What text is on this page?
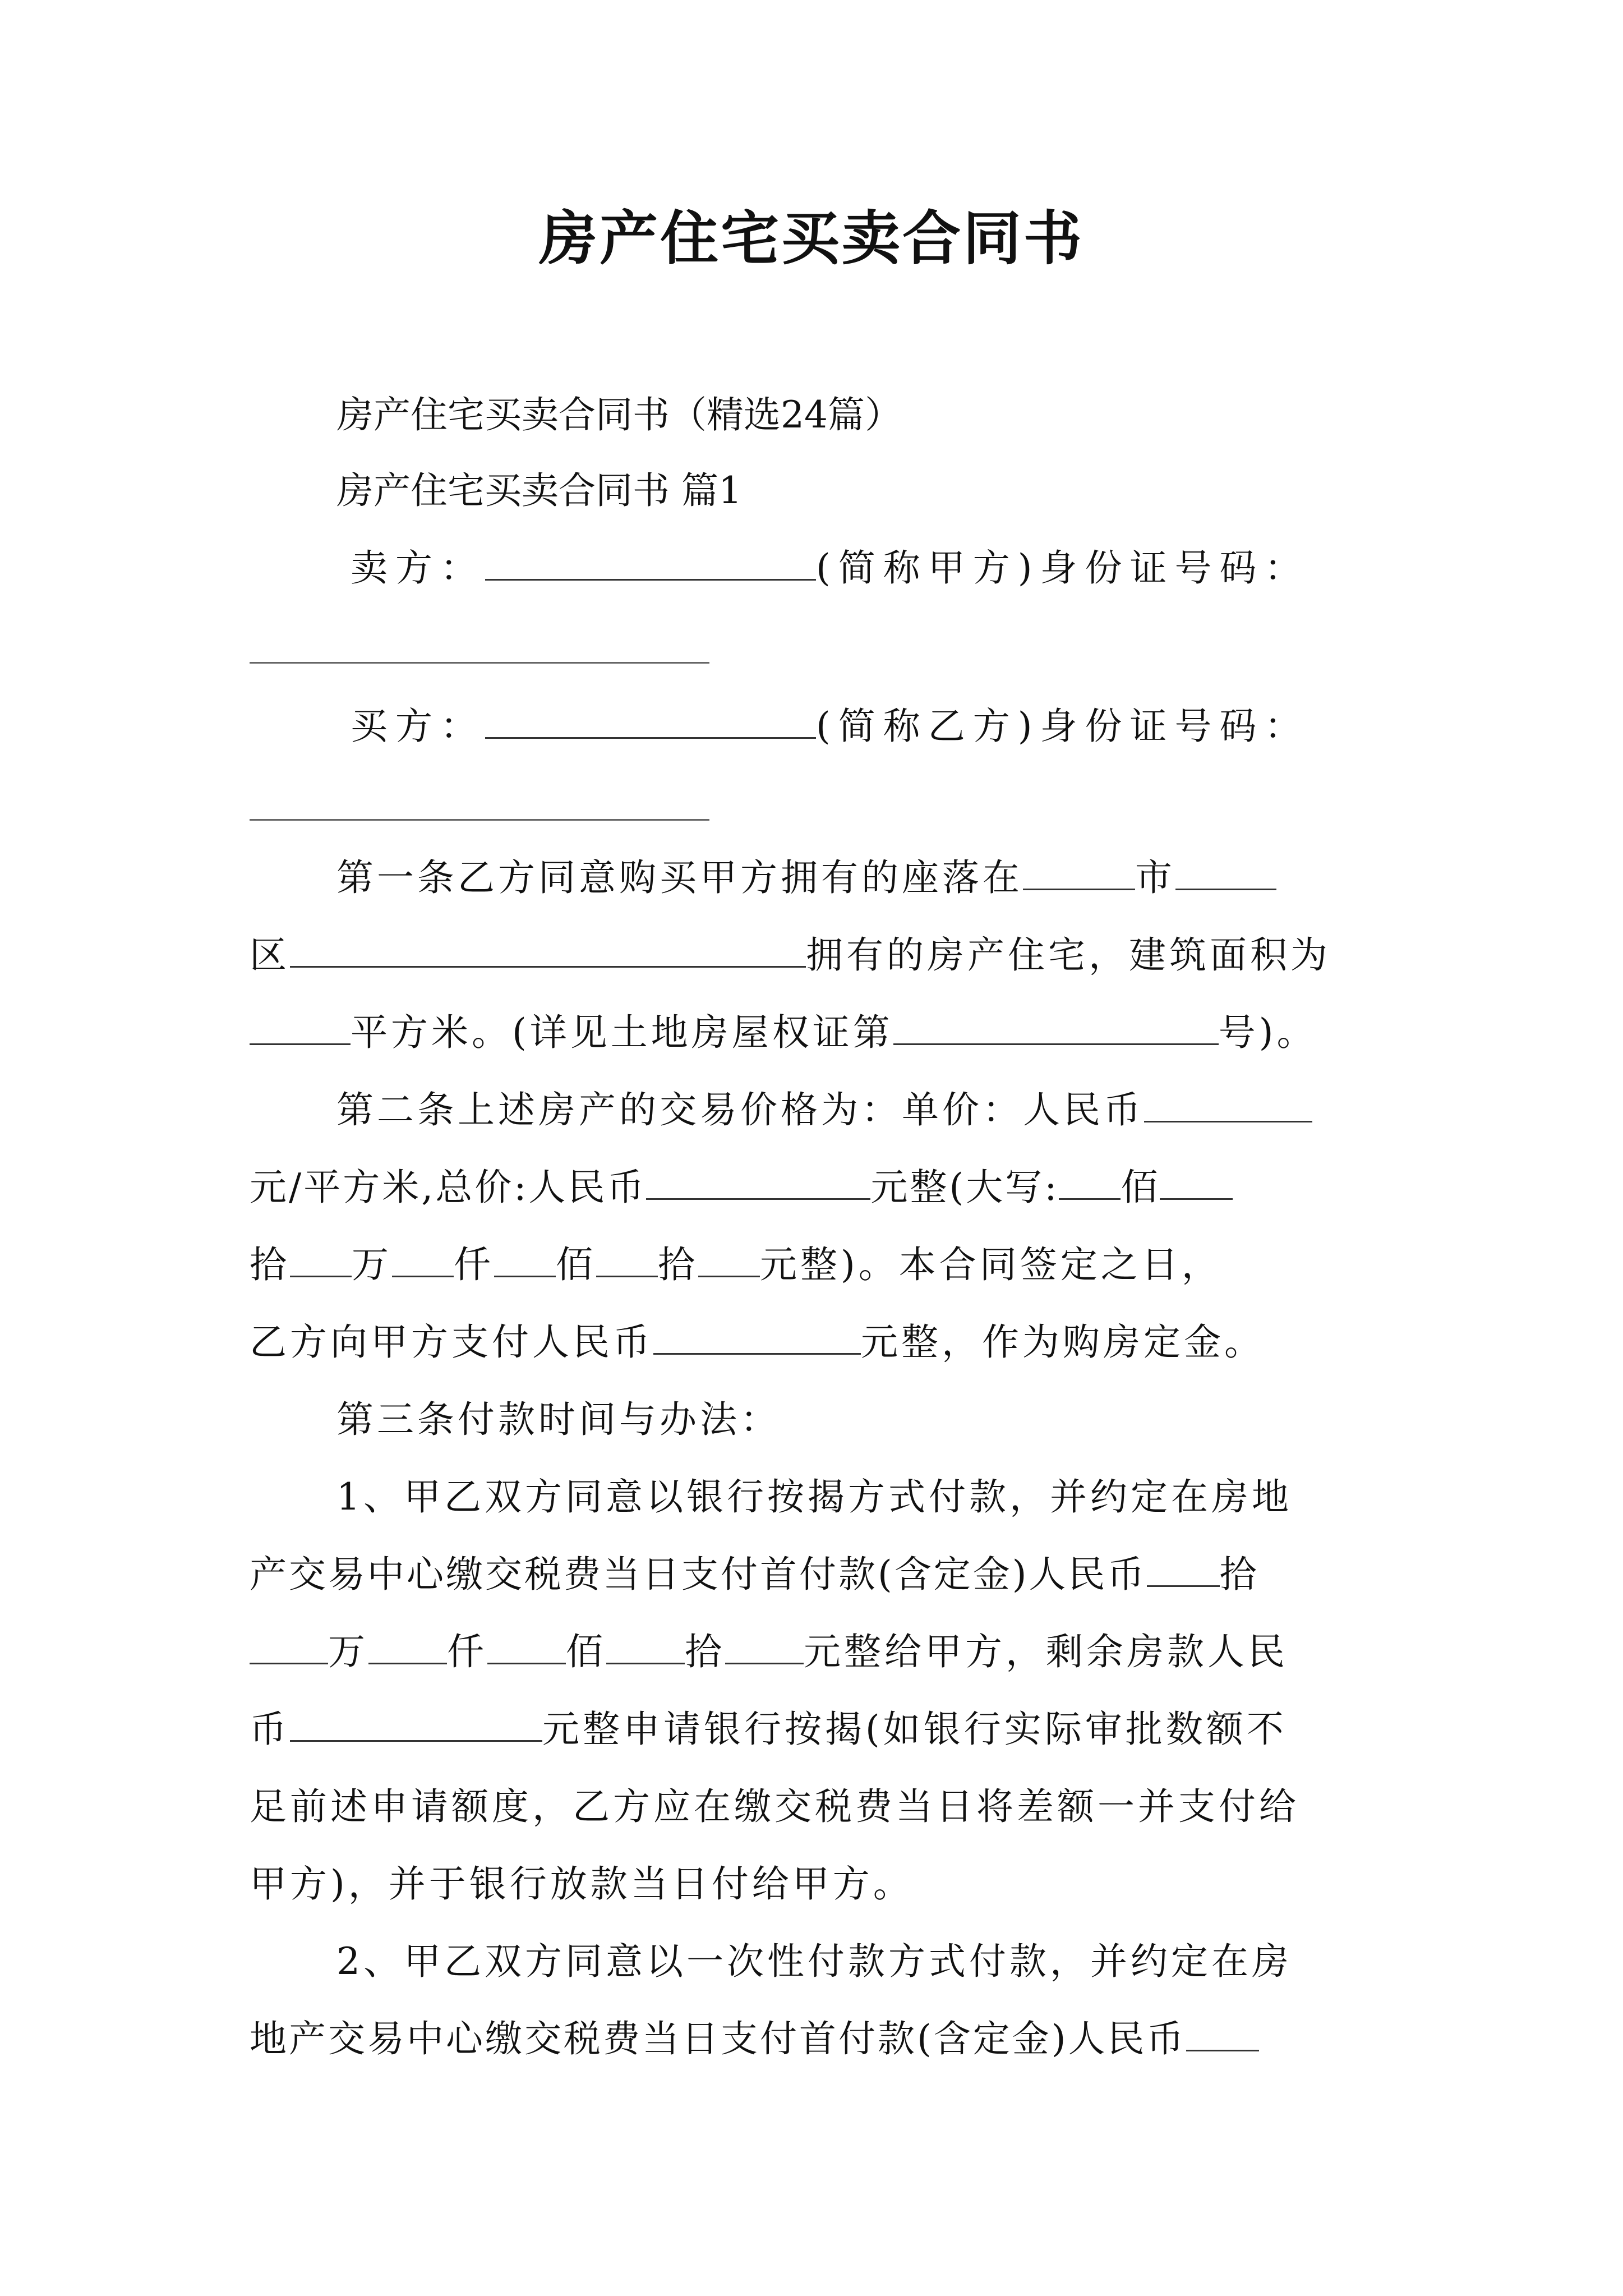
房产住宅买卖合同书
房产住宅买卖合同书（精选24篇）
房产住宅买卖合同书 篇1
卖方：	(简称甲方)身份证号码：
买方：	(简称乙方)身份证号码：
第一条乙方同意购买甲方拥有的座落在	市
区	拥有的房产住宅，建筑面积为
平方米。(详见土地房屋权证第	号)。
第二条上述房产的交易价格为：单价：人民币
元/平方米,总价:人民币	元整(大写: 佰
拾 万 仟 佰 拾 元整)。本合同签定之日，
乙方向甲方支付人民币	元整，作为购房定金。
第三条付款时间与办法：
1、甲乙双方同意以银行按揭方式付款，并约定在房地
产交易中心缴交税费当日支付首付款(含定金)人民币 拾
万 仟 佰 拾 元整给甲方，剩余房款人民
币	元整申请银行按揭(如银行实际审批数额不
足前述申请额度，乙方应在缴交税费当日将差额一并支付给
甲方)，并于银行放款当日付给甲方。
2、甲乙双方同意以一次性付款方式付款，并约定在房
地产交易中心缴交税费当日支付首付款(含定金)人民币
